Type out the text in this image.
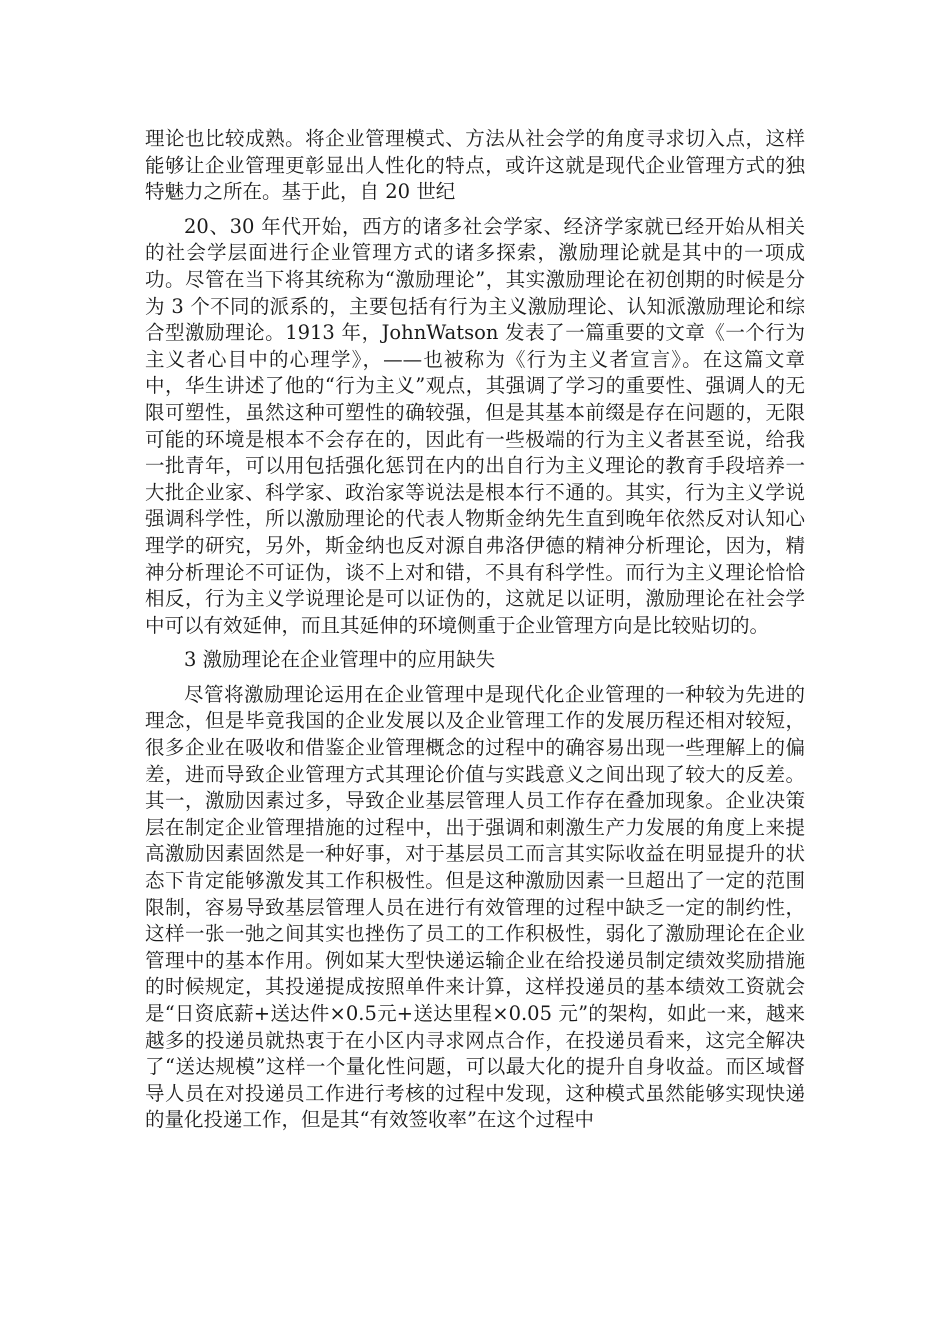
理论也比较成熟。将企业管理模式、方法从社会学的角度寻求切入点，这样能够让企业管理更彰显出人性化的特点，或许这就是现代企业管理方式的独特魅力之所在。基于此，自 20 世纪

20、30 年代开始，西方的诸多社会学家、经济学家就已经开始从相关的社会学层面进行企业管理方式的诸多探索，激励理论就是其中的一项成功。尽管在当下将其统称为“激励理论”，其实激励理论在初创期的时候是分为 3 个不同的派系的，主要包括有行为主义激励理论、认知派激励理论和综合型激励理论。1913 年，JohnWatson 发表了一篇重要的文章《一个行为主义者心目中的心理学》，——也被称为《行为主义者宣言》。在这篇文章中，华生讲述了他的“行为主义”观点，其强调了学习的重要性、强调人的无限可塑性，虽然这种可塑性的确较强，但是其基本前缀是存在问题的，无限可能的环境是根本不会存在的，因此有一些极端的行为主义者甚至说，给我一批青年，可以用包括强化惩罚在内的出自行为主义理论的教育手段培养一大批企业家、科学家、政治家等说法是根本行不通的。其实，行为主义学说强调科学性，所以激励理论的代表人物斯金纳先生直到晚年依然反对认知心理学的研究，另外，斯金纳也反对源自弗洛伊德的精神分析理论，因为，精神分析理论不可证伪，谈不上对和错，不具有科学性。而行为主义理论恰恰相反，行为主义学说理论是可以证伪的，这就足以证明，激励理论在社会学中可以有效延伸，而且其延伸的环境侧重于企业管理方向是比较贴切的。

3 激励理论在企业管理中的应用缺失

尽管将激励理论运用在企业管理中是现代化企业管理的一种较为先进的理念，但是毕竟我国的企业发展以及企业管理工作的发展历程还相对较短，很多企业在吸收和借鉴企业管理概念的过程中的确容易出现一些理解上的偏差，进而导致企业管理方式其理论价值与实践意义之间出现了较大的反差。其一，激励因素过多，导致企业基层管理人员工作存在叠加现象。企业决策层在制定企业管理措施的过程中，出于强调和刺激生产力发展的角度上来提高激励因素固然是一种好事，对于基层员工而言其实际收益在明显提升的状态下肯定能够激发其工作积极性。但是这种激励因素一旦超出了一定的范围限制，容易导致基层管理人员在进行有效管理的过程中缺乏一定的制约性，这样一张一弛之间其实也挫伤了员工的工作积极性，弱化了激励理论在企业管理中的基本作用。例如某大型快递运输企业在给投递员制定绩效奖励措施的时候规定，其投递提成按照单件来计算，这样投递员的基本绩效工资就会是“日资底薪+送达件×0.5元+送达里程×0.05 元”的架构，如此一来，越来越多的投递员就热衷于在小区内寻求网点合作，在投递员看来，这完全解决了“送达规模”这样一个量化性问题，可以最大化的提升自身收益。而区域督导人员在对投递员工作进行考核的过程中发现，这种模式虽然能够实现快递的量化投递工作，但是其“有效签收率”在这个过程中
